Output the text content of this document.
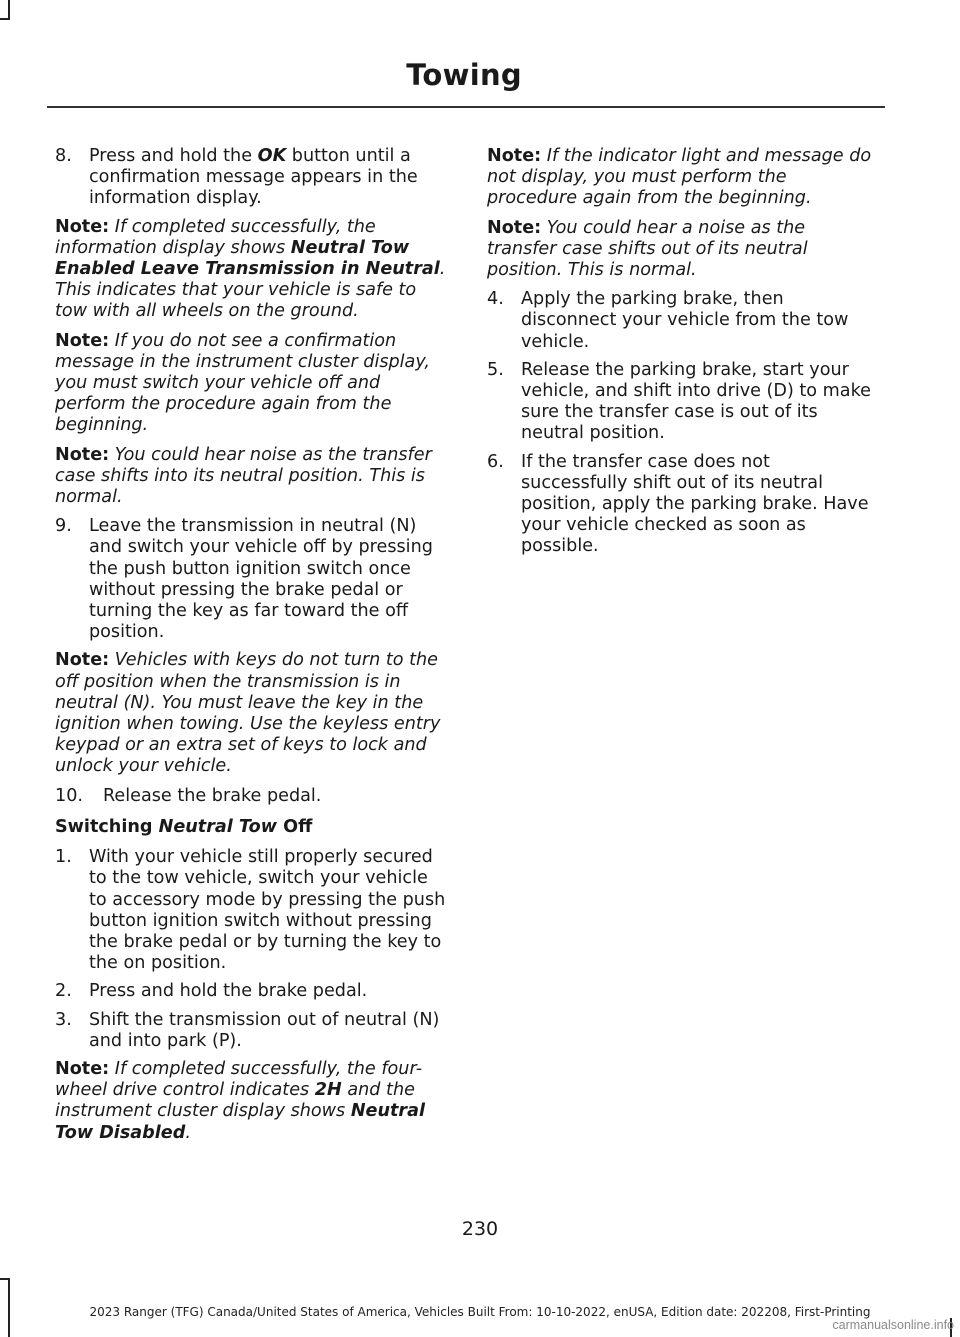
Towing
8. Press and hold the OK button until a confirmation message appears in the information display.

Note: If completed successfully, the information display shows Neutral Tow Enabled Leave Transmission in Neutral. This indicates that your vehicle is safe to tow with all wheels on the ground.

Note: If you do not see a confirmation message in the instrument cluster display, you must switch your vehicle off and perform the procedure again from the beginning.

Note: You could hear noise as the transfer case shifts into its neutral position. This is normal.

9. Leave the transmission in neutral (N) and switch your vehicle off by pressing the push button ignition switch once without pressing the brake pedal or turning the key as far toward the off position.

Note: Vehicles with keys do not turn to the off position when the transmission is in neutral (N). You must leave the key in the ignition when towing. Use the keyless entry keypad or an extra set of keys to lock and unlock your vehicle.

10.	Release the brake pedal.
Switching Neutral Tow Off
1. With your vehicle still properly secured to the tow vehicle, switch your vehicle to accessory mode by pressing the push button ignition switch without pressing the brake pedal or by turning the key to the on position.
2. Press and hold the brake pedal.
3. Shift the transmission out of neutral (N) and into park (P).

Note: If completed successfully, the four-wheel drive control indicates 2H and the instrument cluster display shows Neutral Tow Disabled.

Note: If the indicator light and message do not display, you must perform the procedure again from the beginning.

Note: You could hear a noise as the transfer case shifts out of its neutral position. This is normal.

4. Apply the parking brake, then disconnect your vehicle from the tow vehicle.
5. Release the parking brake, start your vehicle, and shift into drive (D) to make sure the transfer case is out of its neutral position.
6. If the transfer case does not successfully shift out of its neutral position, apply the parking brake. Have your vehicle checked as soon as possible.
230
2023 Ranger (TFG) Canada/United States of America, Vehicles Built From: 10-10-2022, enUSA, Edition date: 202208, First-Printing
carmanualsonline.info
